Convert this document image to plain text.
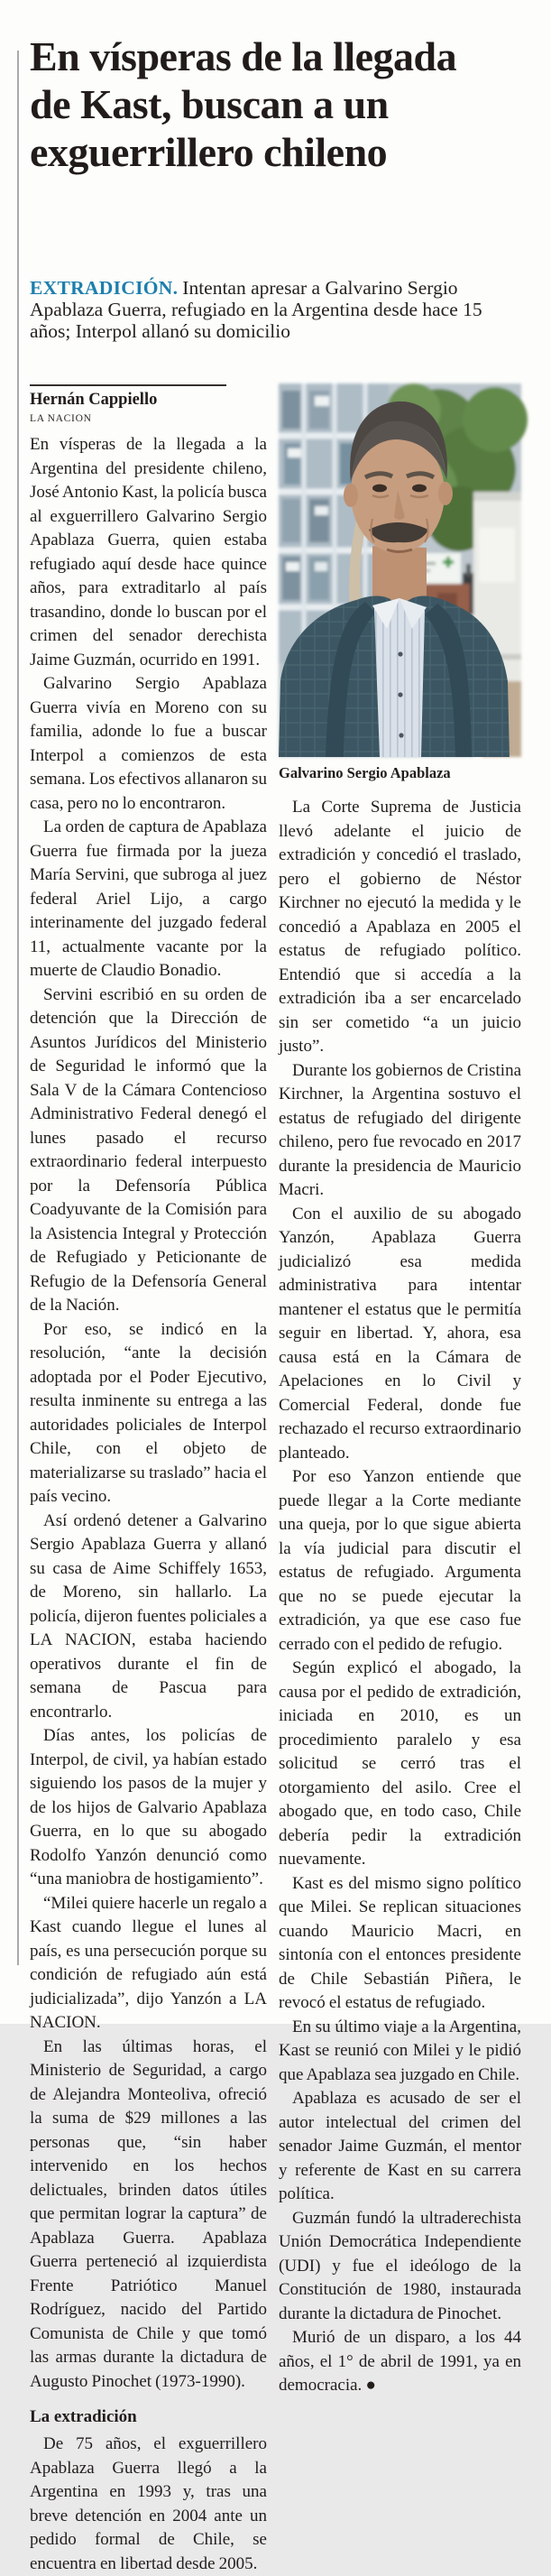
En vísperas de la llegada de Kast, buscan a un exguerrillero chileno

EXTRADICIÓN. Intentan apresar a Galvarino Sergio Apablaza Guerra, refugiado en la Argentina desde hace 15 años; Interpol allanó su domicilio

Hernán Cappiello

LA NACION

En vísperas de la llegada a la Argentina del presidente chileno, José Antonio Kast, la policía busca al exguerrillero Galvarino Sergio Apablaza Guerra, quien estaba refugiado aquí desde hace quince años, para extraditarlo al país trasandino, donde lo buscan por el crimen del senador derechista Jaime Guzmán, ocurrido en 1991.

Galvarino Sergio Apablaza Guerra vivía en Moreno con su familia, adonde lo fue a buscar Interpol a comienzos de esta semana. Los efectivos allanaron su casa, pero no lo encontraron.

La orden de captura de Apablaza Guerra fue firmada por la jueza María Servini, que subroga al juez federal Ariel Lijo, a cargo interinamente del juzgado federal 11, actualmente vacante por la muerte de Claudio Bonadio.

Servini escribió en su orden de detención que la Dirección de Asuntos Jurídicos del Ministerio de Seguridad le informó que la Sala V de la Cámara Contencioso Administrativo Federal denegó el lunes pasado el recurso extraordinario federal interpuesto por la Defensoría Pública Coadyuvante de la Comisión para la Asistencia Integral y Protección de Refugiado y Peticionante de Refugio de la Defensoría General de la Nación.

Por eso, se indicó en la resolución, “ante la decisión adoptada por el Poder Ejecutivo, resulta inminente su entrega a las autoridades policiales de Interpol Chile, con el objeto de materializarse su traslado” hacia el país vecino.

Así ordenó detener a Galvarino Sergio Apablaza Guerra y allanó su casa de Aime Schiffely 1653, de Moreno, sin hallarlo. La policía, dijeron fuentes policiales a LA NACION, estaba haciendo operativos durante el fin de semana de Pascua para encontrarlo.

Días antes, los policías de Interpol, de civil, ya habían estado siguiendo los pasos de la mujer y de los hijos de Galvario Apablaza Guerra, en lo que su abogado Rodolfo Yanzón denunció como “una maniobra de hostigamiento”.

“Milei quiere hacerle un regalo a Kast cuando llegue el lunes al país, es una persecución porque su condición de refugiado aún está judicializada”, dijo Yanzón a LA NACION.

En las últimas horas, el Ministerio de Seguridad, a cargo de Alejandra Monteoliva, ofreció la suma de $29 millones a las personas que, “sin haber intervenido en los hechos delictuales, brinden datos útiles que permitan lograr la captura” de Apablaza Guerra. Apablaza Guerra perteneció al izquierdista Frente Patriótico Manuel Rodríguez, nacido del Partido Comunista de Chile y que tomó las armas durante la dictadura de Augusto Pinochet (1973-1990).

La extradición

De 75 años, el exguerrillero Apablaza Guerra llegó a la Argentina en 1993 y, tras una breve detención en 2004 ante un pedido formal de Chile, se encuentra en libertad desde 2005.

Galvarino Sergio Apablaza

La Corte Suprema de Justicia llevó adelante el juicio de extradición y concedió el traslado, pero el gobierno de Néstor Kirchner no ejecutó la medida y le concedió a Apablaza en 2005 el estatus de refugiado político. Entendió que si accedía a la extradición iba a ser encarcelado sin ser cometido “a un juicio justo”.

Durante los gobiernos de Cristina Kirchner, la Argentina sostuvo el estatus de refugiado del dirigente chileno, pero fue revocado en 2017 durante la presidencia de Mauricio Macri.

Con el auxilio de su abogado Yanzón, Apablaza Guerra judicializó esa medida administrativa para intentar mantener el estatus que le permitía seguir en libertad. Y, ahora, esa causa está en la Cámara de Apelaciones en lo Civil y Comercial Federal, donde fue rechazado el recurso extraordinario planteado.

Por eso Yanzon entiende que puede llegar a la Corte mediante una queja, por lo que sigue abierta la vía judicial para discutir el estatus de refugiado. Argumenta que no se puede ejecutar la extradición, ya que ese caso fue cerrado con el pedido de refugio.

Según explicó el abogado, la causa por el pedido de extradición, iniciada en 2010, es un procedimiento paralelo y esa solicitud se cerró tras el otorgamiento del asilo. Cree el abogado que, en todo caso, Chile debería pedir la extradición nuevamente.

Kast es del mismo signo político que Milei. Se replican situaciones cuando Mauricio Macri, en sintonía con el entonces presidente de Chile Sebastián Piñera, le revocó el estatus de refugiado.

En su último viaje a la Argentina, Kast se reunió con Milei y le pidió que Apablaza sea juzgado en Chile.

Apablaza es acusado de ser el autor intelectual del crimen del senador Jaime Guzmán, el mentor y referente de Kast en su carrera política.

Guzmán fundó la ultraderechista Unión Democrática Independiente (UDI) y fue el ideólogo de la Constitución de 1980, instaurada durante la dictadura de Pinochet.

Murió de un disparo, a los 44 años, el 1° de abril de 1991, ya en democracia. ●
